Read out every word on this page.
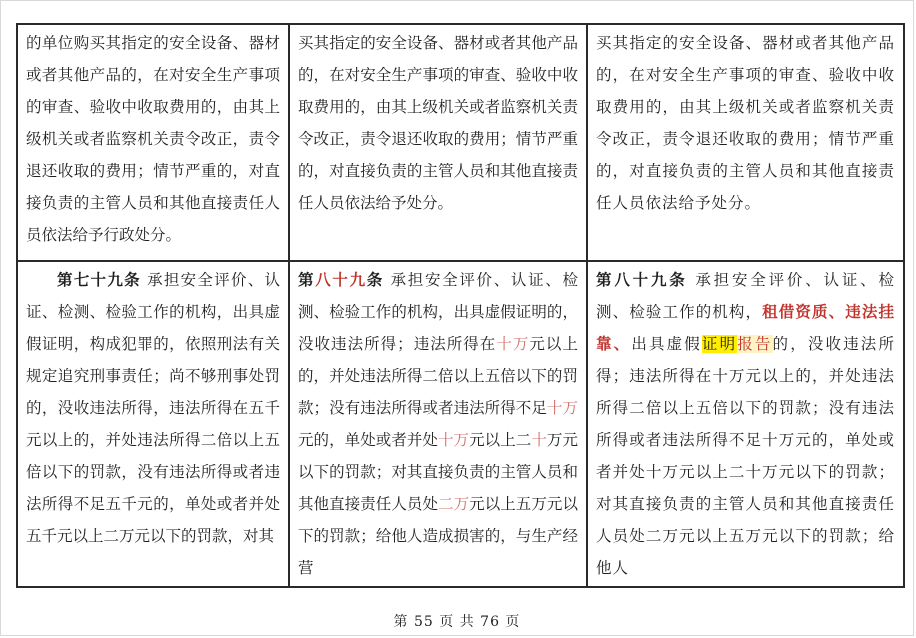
的单位购买其指定的安全设备、器材或者其他产品的，在对安全生产事项的审查、验收中收取费用的，由其上级机关或者监察机关责令改正，责令退还收取的费用；情节严重的，对直接负责的主管人员和其他直接责任人员依法给予行政处分。	买其指定的安全设备、器材或者其他产品的，在对安全生产事项的审查、验收中收取费用的，由其上级机关或者监察机关责令改正，责令退还收取的费用；情节严重的，对直接负责的主管人员和其他直接责任人员依法给予处分。	买其指定的安全设备、器材或者其他产品的，在对安全生产事项的审查、验收中收取费用的，由其上级机关或者监察机关责令改正，责令退还收取的费用；情节严重的，对直接负责的主管人员和其他直接责任人员依法给予处分。

第七十九条 承担安全评价、认证、检测、检验工作的机构，出具虚假证明，构成犯罪的，依照刑法有关规定追究刑事责任；尚不够刑事处罚的，没收违法所得，违法所得在五千元以上的，并处违法所得二倍以上五倍以下的罚款，没有违法所得或者违法所得不足五千元的，单处或者并处五千元以上二万元以下的罚款，对其	第八十九条 承担安全评价、认证、检测、检验工作的机构，出具虚假证明的，没收违法所得；违法所得在十万元以上的，并处违法所得二倍以上五倍以下的罚款；没有违法所得或者违法所得不足十万元的，单处或者并处十万元以上二十万元以下的罚款；对其直接负责的主管人员和其他直接责任人员处二万元以上五万元以下的罚款；给他人造成损害的，与生产经营	第八十九条 承担安全评价、认证、检测、检验工作的机构，租借资质、违法挂靠、出具虚假证明报告的，没收违法所得；违法所得在十万元以上的，并处违法所得二倍以上五倍以下的罚款；没有违法所得或者违法所得不足十万元的，单处或者并处十万元以上二十万元以下的罚款；对其直接负责的主管人员和其他直接责任人员处二万元以上五万元以下的罚款；给他人
第 55 页 共 76 页
